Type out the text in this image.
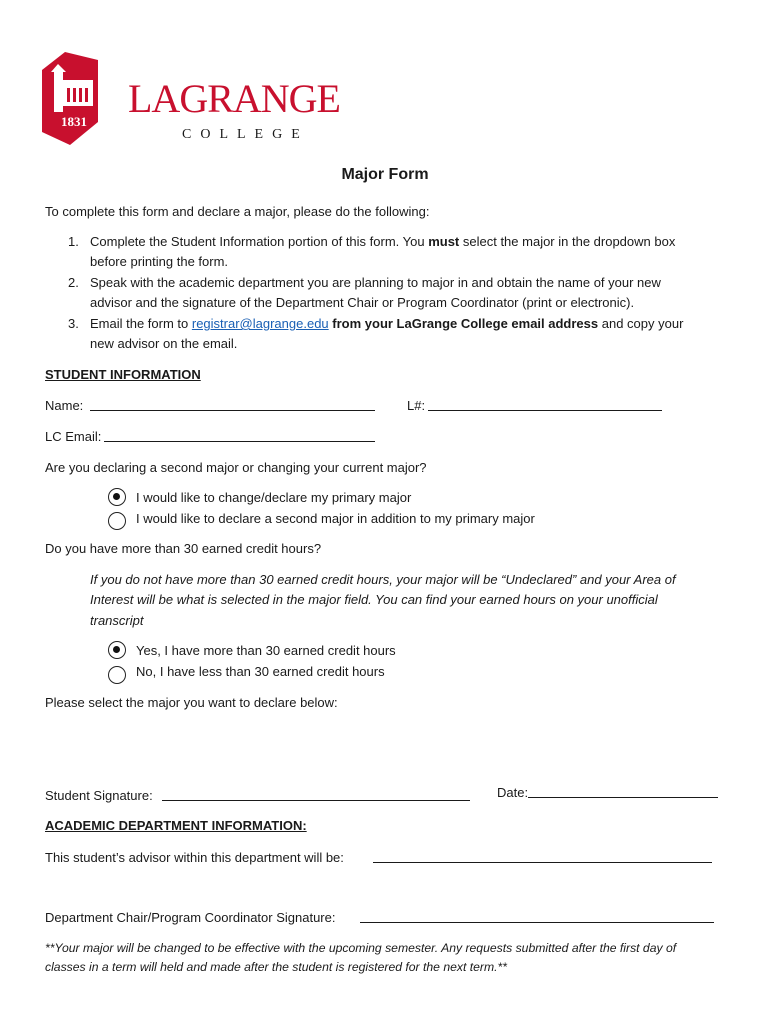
1831
LAGRANGE
COLLEGE
Major Form
To complete this form and declare a major, please do the following:
1. Complete the Student Information portion of this form. You must select the major in the dropdown box
before printing the form.
2. Speak with the academic department you are planning to major in and obtain the name of your new
advisor and the signature of the Department Chair or Program Coordinator (print or electronic).
3. Email the form to registrar@lagrange.edu from your LaGrange College email address and copy your
new advisor on the email.
STUDENT INFORMATION
Name:	L#:
LC Email:
Are you declaring a second major or changing your current major?
I would like to change/declare my primary major
I would like to declare a second major in addition to my primary major
Do you have more than 30 earned credit hours?
If you do not have more than 30 earned credit hours, your major will be “Undeclared” and your Area of
Interest will be what is selected in the major field. You can find your earned hours on your unofficial
transcript
Yes, I have more than 30 earned credit hours
No, I have less than 30 earned credit hours
Please select the major you want to declare below:
Student Signature:	Date:
ACADEMIC DEPARTMENT INFORMATION:
This student’s advisor within this department will be:
Department Chair/Program Coordinator Signature:
**Your major will be changed to be effective with the upcoming semester. Any requests submitted after the first day of
classes in a term will held and made after the student is registered for the next term.**
